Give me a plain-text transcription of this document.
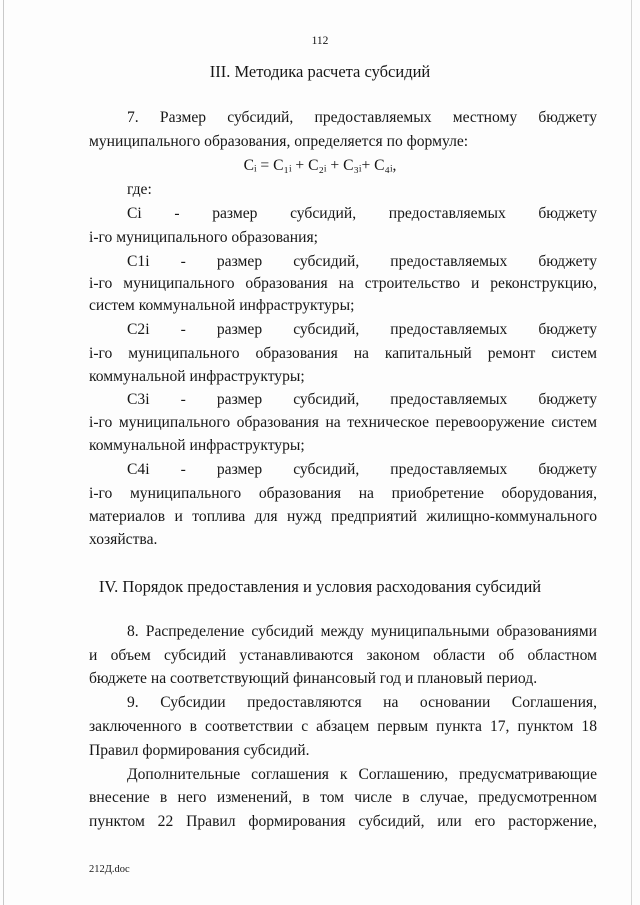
112
III. Методика расчета субсидий
7. Размер субсидий, предоставляемых местному бюджету
муниципального образования, определяется по формуле:
Cᵢ = C₁ᵢ + C₂ᵢ + C₃ᵢ+ C₄ᵢ,
где:
Ci - размер субсидий, предоставляемых бюджету
i-го муниципального образования;
C1i - размер субсидий, предоставляемых бюджету
i-го муниципального образования на строительство и реконструкцию,
систем коммунальной инфраструктуры;
C2i - размер субсидий, предоставляемых бюджету
i-го муниципального образования на капитальный ремонт систем
коммунальной инфраструктуры;
C3i - размер субсидий, предоставляемых бюджету
i-го муниципального образования на техническое перевооружение систем
коммунальной инфраструктуры;
C4i - размер субсидий, предоставляемых бюджету
i-го муниципального образования на приобретение оборудования,
материалов и топлива для нужд предприятий жилищно-коммунального
хозяйства.
IV. Порядок предоставления и условия расходования субсидий
8. Распределение субсидий между муниципальными образованиями
и объем субсидий устанавливаются законом области об областном
бюджете на соответствующий финансовый год и плановый период.
9. Субсидии предоставляются на основании Соглашения,
заключенного в соответствии с абзацем первым пункта 17, пунктом 18
Правил формирования субсидий.
Дополнительные соглашения к Соглашению, предусматривающие
внесение в него изменений, в том числе в случае, предусмотренном
пунктом 22 Правил формирования субсидий, или его расторжение,
212Д.doc
